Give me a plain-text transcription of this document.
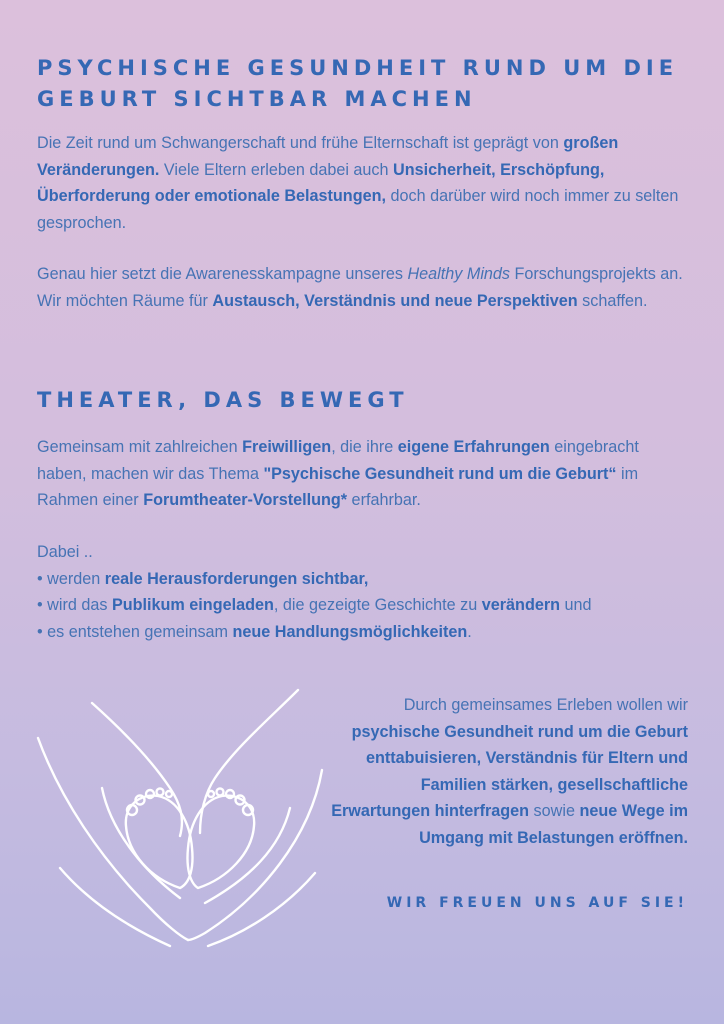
PSYCHISCHE GESUNDHEIT RUND UM DIE GEBURT SICHTBAR MACHEN

Die Zeit rund um Schwangerschaft und frühe Elternschaft ist geprägt von großen Veränderungen. Viele Eltern erleben dabei auch Unsicherheit, Erschöpfung, Überforderung oder emotionale Belastungen, doch darüber wird noch immer zu selten gesprochen.

Genau hier setzt die Awarenesskampagne unseres Healthy Minds Forschungsprojekts an. Wir möchten Räume für Austausch, Verständnis und neue Perspektiven schaffen.

THEATER, DAS BEWEGT

Gemeinsam mit zahlreichen Freiwilligen, die ihre eigene Erfahrungen eingebracht haben, machen wir das Thema "Psychische Gesundheit rund um die Geburt“ im Rahmen einer Forumtheater-Vorstellung* erfahrbar.

Dabei ..
• werden reale Herausforderungen sichtbar,
• wird das Publikum eingeladen, die gezeigte Geschichte zu verändern und
• es entstehen gemeinsam neue Handlungsmöglichkeiten.

Durch gemeinsames Erleben wollen wir psychische Gesundheit rund um die Geburt enttabuisieren, Verständnis für Eltern und Familien stärken, gesellschaftliche Erwartungen hinterfragen sowie neue Wege im Umgang mit Belastungen eröffnen.

WIR FREUEN UNS AUF SIE!
